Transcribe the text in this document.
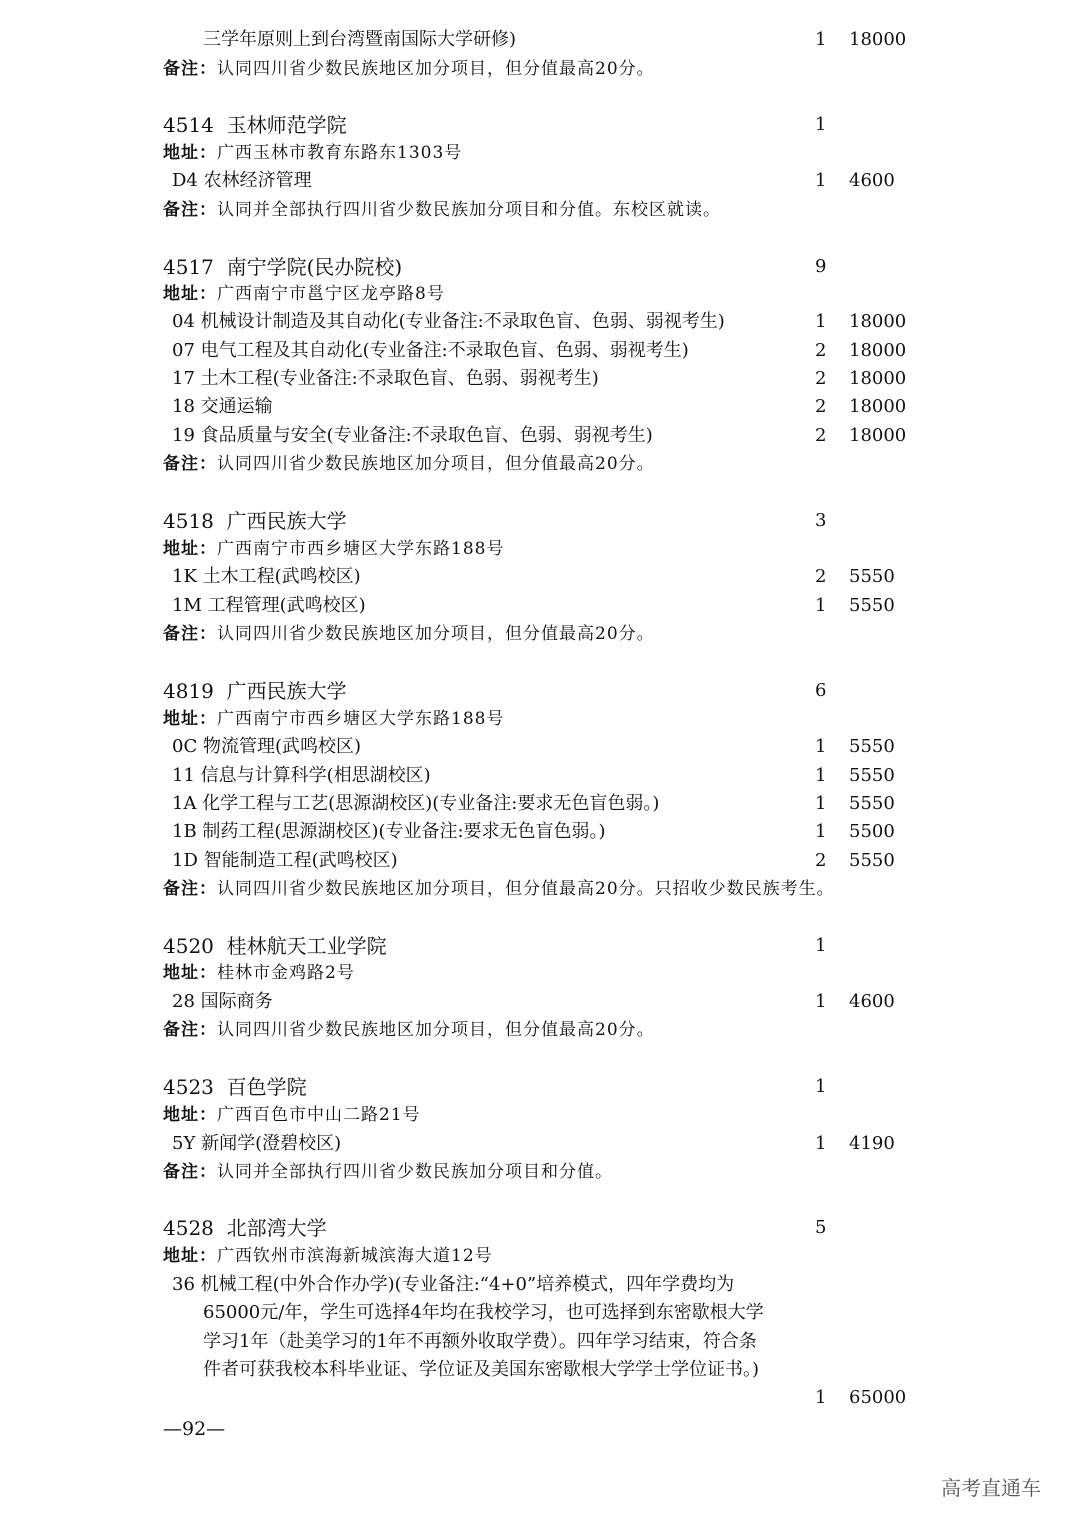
三学年原则上到台湾暨南国际大学研修)	1 18000
备注：认同四川省少数民族地区加分项目，但分值最高20分。
4514 玉林师范学院	1
地址：广西玉林市教育东路东1303号
D4 农林经济管理	1 4600
备注：认同并全部执行四川省少数民族加分项目和分值。东校区就读。
4517 南宁学院(民办院校)	9
地址：广西南宁市邕宁区龙亭路8号
04 机械设计制造及其自动化(专业备注:不录取色盲、色弱、弱视考生)	1 18000
07 电气工程及其自动化(专业备注:不录取色盲、色弱、弱视考生)	2 18000
17 土木工程(专业备注:不录取色盲、色弱、弱视考生)	2 18000
18 交通运输	2 18000
19 食品质量与安全(专业备注:不录取色盲、色弱、弱视考生)	2 18000
备注：认同四川省少数民族地区加分项目，但分值最高20分。
4518 广西民族大学	3
地址：广西南宁市西乡塘区大学东路188号
1K 土木工程(武鸣校区)	2 5550
1M 工程管理(武鸣校区)	1 5550
备注：认同四川省少数民族地区加分项目，但分值最高20分。
4819 广西民族大学	6
地址：广西南宁市西乡塘区大学东路188号
0C 物流管理(武鸣校区)	1 5550
11 信息与计算科学(相思湖校区)	1 5550
1A 化学工程与工艺(思源湖校区)(专业备注:要求无色盲色弱。)	1 5550
1B 制药工程(思源湖校区)(专业备注:要求无色盲色弱。)	1 5500
1D 智能制造工程(武鸣校区)	2 5550
备注：认同四川省少数民族地区加分项目，但分值最高20分。只招收少数民族考生。
4520 桂林航天工业学院	1
地址：桂林市金鸡路2号
28 国际商务	1 4600
备注：认同四川省少数民族地区加分项目，但分值最高20分。
4523 百色学院	1
地址：广西百色市中山二路21号
5Y 新闻学(澄碧校区)	1 4190
备注：认同并全部执行四川省少数民族加分项目和分值。
4528 北部湾大学	5
地址：广西钦州市滨海新城滨海大道12号
36 机械工程(中外合作办学)(专业备注:“4+0”培养模式，四年学费均为
65000元/年，学生可选择4年均在我校学习，也可选择到东密歇根大学
学习1年（赴美学习的1年不再额外收取学费）。四年学习结束，符合条
件者可获我校本科毕业证、学位证及美国东密歇根大学学士学位证书。)
1 65000
—92—
高考直通车
